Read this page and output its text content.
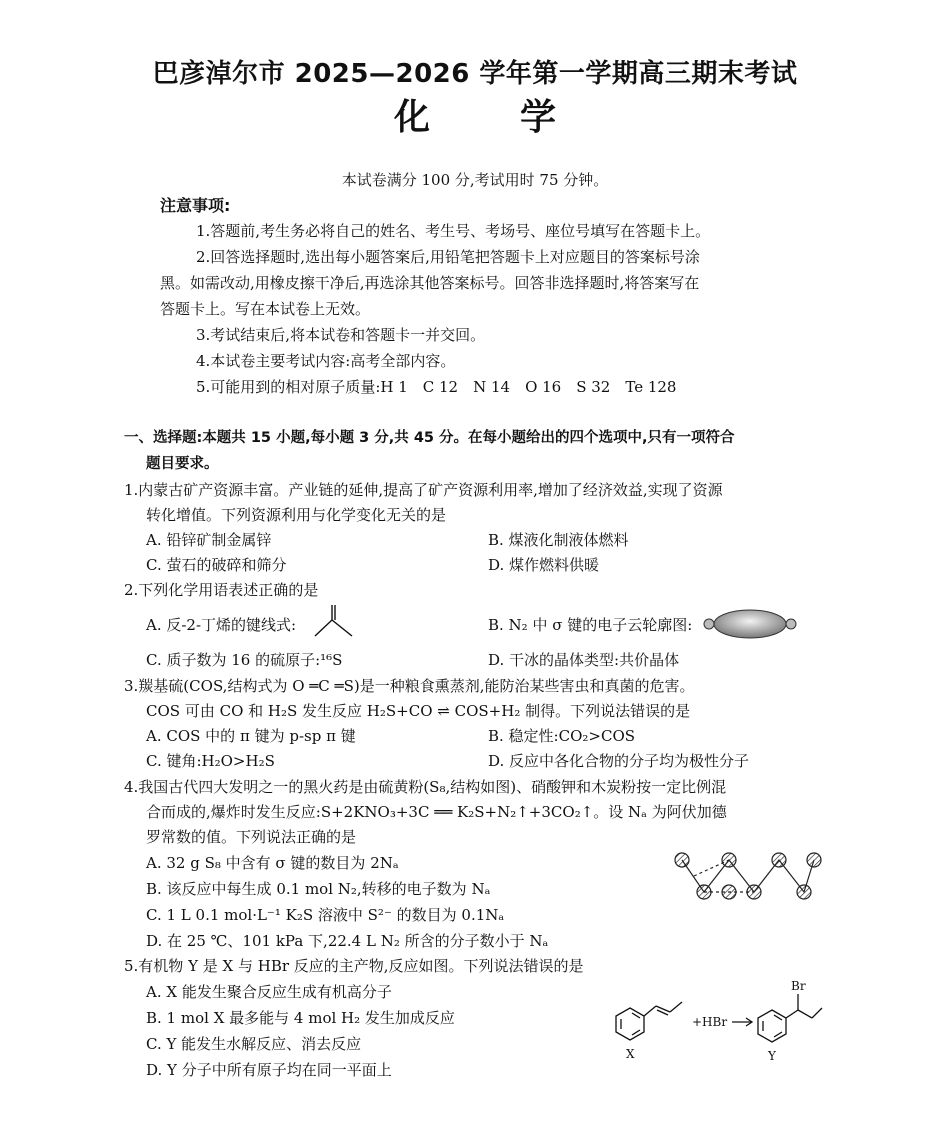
巴彦淖尔市 2025—2026 学年第一学期高三期末考试
化学
本试卷满分 100 分,考试用时 75 分钟。
注意事项:
1.答题前,考生务必将自己的姓名、考生号、考场号、座位号填写在答题卡上。
2.回答选择题时,选出每小题答案后,用铅笔把答题卡上对应题目的答案标号涂
黑。如需改动,用橡皮擦干净后,再选涂其他答案标号。回答非选择题时,将答案写在
答题卡上。写在本试卷上无效。
3.考试结束后,将本试卷和答题卡一并交回。
4.本试卷主要考试内容:高考全部内容。
5.可能用到的相对原子质量:H 1　C 12　N 14　O 16　S 32　Te 128
一、选择题:本题共 15 小题,每小题 3 分,共 45 分。在每小题给出的四个选项中,只有一项符合
题目要求。
1.内蒙古矿产资源丰富。产业链的延伸,提高了矿产资源利用率,增加了经济效益,实现了资源
转化增值。下列资源利用与化学变化无关的是
A. 铅锌矿制金属锌	B. 煤液化制液体燃料
C. 萤石的破碎和筛分	D. 煤作燃料供暖
2.下列化学用语表述正确的是
A. 反-2-丁烯的键线式:	B. N₂ 中 σ 键的电子云轮廓图:
C. 质子数为 16 的硫原子:¹⁶S	D. 干冰的晶体类型:共价晶体
3.羰基硫(COS,结构式为 O ═C ═S)是一种粮食熏蒸剂,能防治某些害虫和真菌的危害。
COS 可由 CO 和 H₂S 发生反应 H₂S+CO ⇌ COS+H₂ 制得。下列说法错误的是
A. COS 中的 π 键为 p-sp π 键	B. 稳定性:CO₂>COS
C. 键角:H₂O>H₂S	D. 反应中各化合物的分子均为极性分子
4.我国古代四大发明之一的黑火药是由硫黄粉(S₈,结构如图)、硝酸钾和木炭粉按一定比例混
合而成的,爆炸时发生反应:S+2KNO₃+3C ══ K₂S+N₂↑+3CO₂↑。设 Nₐ 为阿伏加德
罗常数的值。下列说法正确的是
A. 32 g S₈ 中含有 σ 键的数目为 2Nₐ
B. 该反应中每生成 0.1 mol N₂,转移的电子数为 Nₐ
C. 1 L 0.1 mol·L⁻¹ K₂S 溶液中 S²⁻ 的数目为 0.1Nₐ
D. 在 25 ℃、101 kPa 下,22.4 L N₂ 所含的分子数小于 Nₐ
5.有机物 Y 是 X 与 HBr 反应的主产物,反应如图。下列说法错误的是
A. X 能发生聚合反应生成有机高分子
B. 1 mol X 最多能与 4 mol H₂ 发生加成反应
C. Y 能发生水解反应、消去反应
D. Y 分子中所有原子均在同一平面上
+HBr
X	Y
Br
